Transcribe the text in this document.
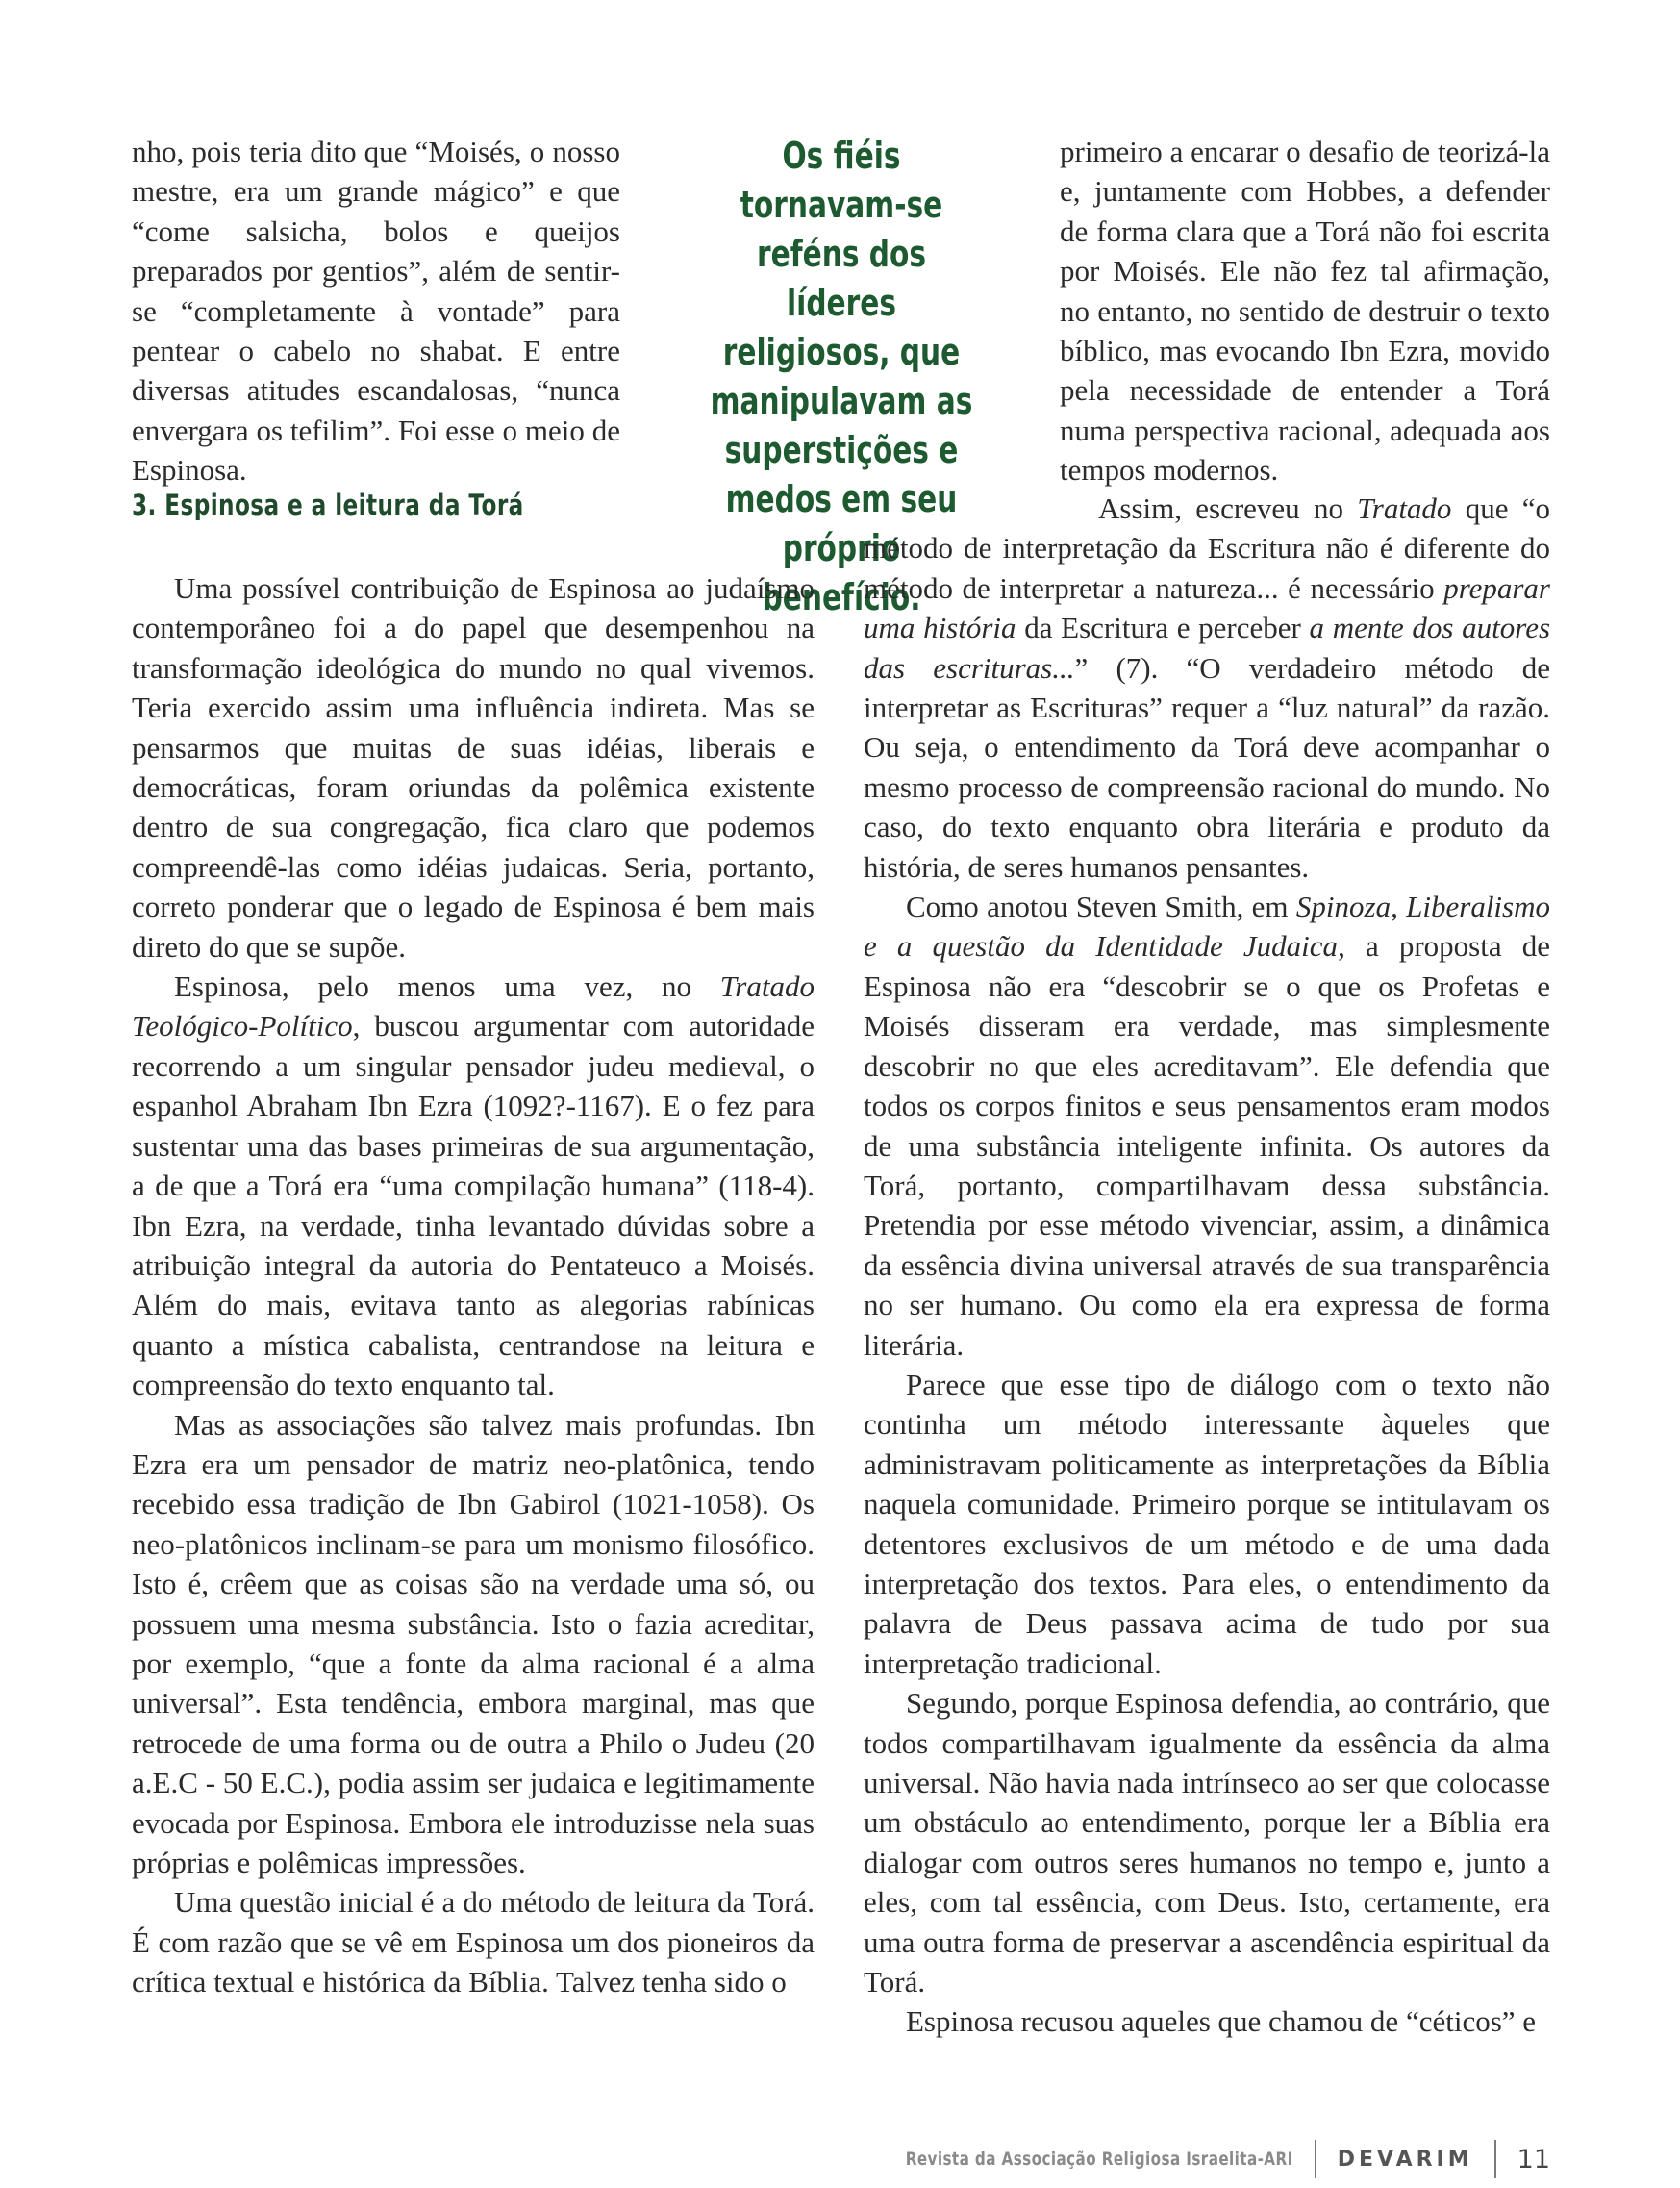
nho, pois teria dito que “Moisés, o nosso mestre, era um grande mágico” e que “come salsicha, bolos e queijos preparados por gentios”, além de sentir-se “completamente à vontade” para pentear o cabelo no shabat. E entre diversas atitudes escandalosas, “nunca envergara os tefilim”. Foi esse o meio de Espinosa.

Os fiéis tornavam-se reféns dos líderes religiosos, que manipulavam as superstições e medos em seu próprio benefício.

3. Espinosa e a leitura da Torá

Uma possível contribuição de Espinosa ao judaísmo contemporâneo foi a do papel que desempenhou na transformação ideológica do mundo no qual vivemos. Teria exercido assim uma influência indireta. Mas se pensarmos que muitas de suas idéias, liberais e democráticas, foram oriundas da polêmica existente dentro de sua congregação, fica claro que podemos compreendê-las como idéias judaicas. Seria, portanto, correto ponderar que o legado de Espinosa é bem mais direto do que se supõe.

Espinosa, pelo menos uma vez, no Tratado Teológico-Político, buscou argumentar com autoridade recorrendo a um singular pensador judeu medieval, o espanhol Abraham Ibn Ezra (1092?-1167). E o fez para sustentar uma das bases primeiras de sua argumentação, a de que a Torá era “uma compilação humana” (118-4). Ibn Ezra, na verdade, tinha levantado dúvidas sobre a atribuição integral da autoria do Pentateuco a Moisés. Além do mais, evitava tanto as alegorias rabínicas quanto a mística cabalista, centrandose na leitura e compreensão do texto enquanto tal.

Mas as associações são talvez mais profundas. Ibn Ezra era um pensador de matriz neo-platônica, tendo recebido essa tradição de Ibn Gabirol (1021-1058). Os neo-platônicos inclinam-se para um monismo filosófico. Isto é, crêem que as coisas são na verdade uma só, ou possuem uma mesma substância. Isto o fazia acreditar, por exemplo, “que a fonte da alma racional é a alma universal”. Esta tendência, embora marginal, mas que retrocede de uma forma ou de outra a Philo o Judeu (20 a.E.C - 50 E.C.), podia assim ser judaica e legitimamente evocada por Espinosa. Embora ele introduzisse nela suas próprias e polêmicas impressões.

Uma questão inicial é a do método de leitura da Torá. É com razão que se vê em Espinosa um dos pioneiros da crítica textual e histórica da Bíblia. Talvez tenha sido o

primeiro a encarar o desafio de teorizá-la e, juntamente com Hobbes, a defender de forma clara que a Torá não foi escrita por Moisés. Ele não fez tal afirmação, no entanto, no sentido de destruir o texto bíblico, mas evocando Ibn Ezra, movido pela necessidade de entender a Torá numa perspectiva racional, adequada aos tempos modernos.

Assim, escreveu no Tratado que “o método de interpretação da Escritura não é diferente do método de interpretar a natureza... é necessário preparar uma história da Escritura e perceber a mente dos autores das escrituras...” (7). “O verdadeiro método de interpretar as Escrituras” requer a “luz natural” da razão. Ou seja, o entendimento da Torá deve acompanhar o mesmo processo de compreensão racional do mundo. No caso, do texto enquanto obra literária e produto da história, de seres humanos pensantes.

Como anotou Steven Smith, em Spinoza, Liberalismo e a questão da Identidade Judaica, a proposta de Espinosa não era “descobrir se o que os Profetas e Moisés disseram era verdade, mas simplesmente descobrir no que eles acreditavam”. Ele defendia que todos os corpos finitos e seus pensamentos eram modos de uma substância inteligente infinita. Os autores da Torá, portanto, compartilhavam dessa substância. Pretendia por esse método vivenciar, assim, a dinâmica da essência divina universal através de sua transparência no ser humano. Ou como ela era expressa de forma literária.

Parece que esse tipo de diálogo com o texto não continha um método interessante àqueles que administravam politicamente as interpretações da Bíblia naquela comunidade. Primeiro porque se intitulavam os detentores exclusivos de um método e de uma dada interpretação dos textos. Para eles, o entendimento da palavra de Deus passava acima de tudo por sua interpretação tradicional.

Segundo, porque Espinosa defendia, ao contrário, que todos compartilhavam igualmente da essência da alma universal. Não havia nada intrínseco ao ser que colocasse um obstáculo ao entendimento, porque ler a Bíblia era dialogar com outros seres humanos no tempo e, junto a eles, com tal essência, com Deus. Isto, certamente, era uma outra forma de preservar a ascendência espiritual da Torá.

Espinosa recusou aqueles que chamou de “céticos” e

Revista da Associação Religiosa Israelita-ARI DEVARIM 11
